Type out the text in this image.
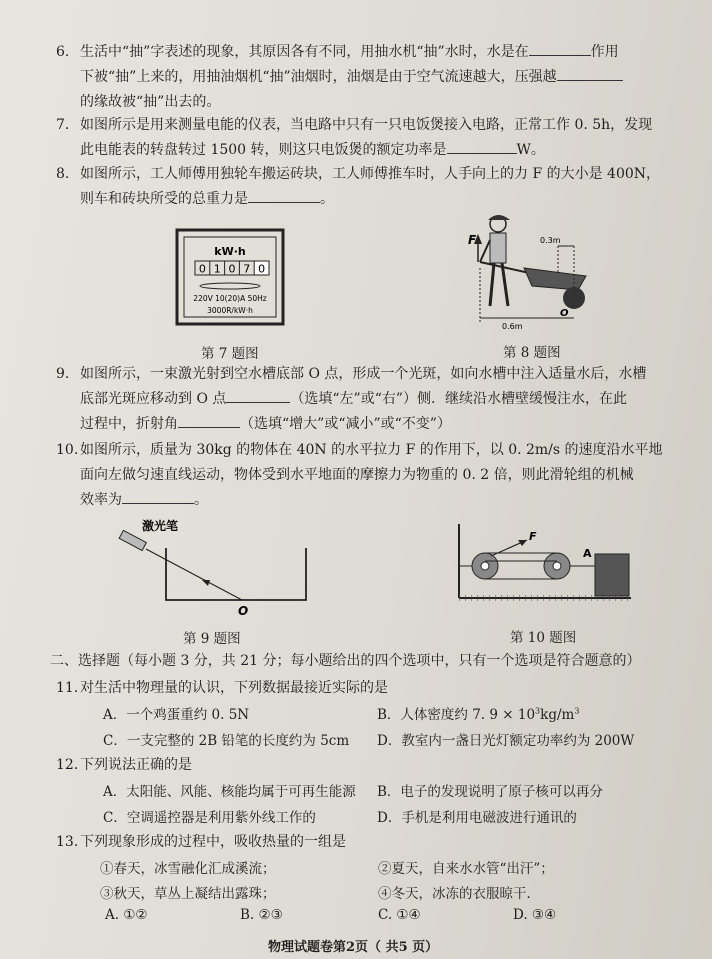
6. 生活中“抽”字表述的现象，其原因各有不同，用抽水机“抽”水时，水是在	作用
下被“抽”上来的，用抽油烟机“抽”油烟时，油烟是由于空气流速越大，压强越
的缘故被“抽”出去的。
7. 如图所示是用来测量电能的仪表，当电路中只有一只电饭煲接入电路，正常工作 0. 5h，发现
此电能表的转盘转过 1500 转，则这只电饭煲的额定功率是	W。
8. 如图所示，工人师傅用独轮车搬运砖块，工人师傅推车时，人手向上的力 F 的大小是 400N，
则车和砖块所受的总重力是	。
kW·h
0 1 0 7 0
220V 10(20)A 50Hz
3000R/kW·h
F	0.3m
0.6m
O
第 7 题图	第 8 题图
9. 如图所示，一束激光射到空水槽底部 O 点，形成一个光斑，如向水槽中注入适量水后，水槽
底部光斑应移动到 O 点	（选填“左”或“右”）侧．继续沿水槽壁缓慢注水，在此
过程中，折射角	（选填“增大”或“减小”或“不变”）
10. 如图所示，质量为 30kg 的物体在 40N 的水平拉力 F 的作用下，以 0. 2m/s 的速度沿水平地
面向左做匀速直线运动，物体受到水平地面的摩擦力为物重的 0. 2 倍，则此滑轮组的机械
效率为	。
激光笔
O
F
A
第 9 题图	第 10 题图
二、选择题（每小题 3 分，共 21 分；每小题给出的四个选项中，只有一个选项是符合题意的）
11. 对生活中物理量的认识，下列数据最接近实际的是
A．一个鸡蛋重约 0. 5N	B．人体密度约 7. $9 \times 10^3kg/m^3$
C．一支完整的 2B 铅笔的长度约为 5cm D．教室内一盏日光灯额定功率约为 200W
12. 下列说法正确的是
A．太阳能、风能、核能均属于可再生能源 B．电子的发现说明了原子核可以再分
C．空调遥控器是利用紫外线工作的	D．手机是利用电磁波进行通讯的
13. 下列现象形成的过程中，吸收热量的一组是
①春天，冰雪融化汇成溪流；	②夏天，自来水水管“出汗”；
③秋天，草丛上凝结出露珠；	④冬天，冰冻的衣服晾干．
A. ①②	B. ②③	C. ①④	D. ③④
物理试题卷第2页（ 共5 页）
